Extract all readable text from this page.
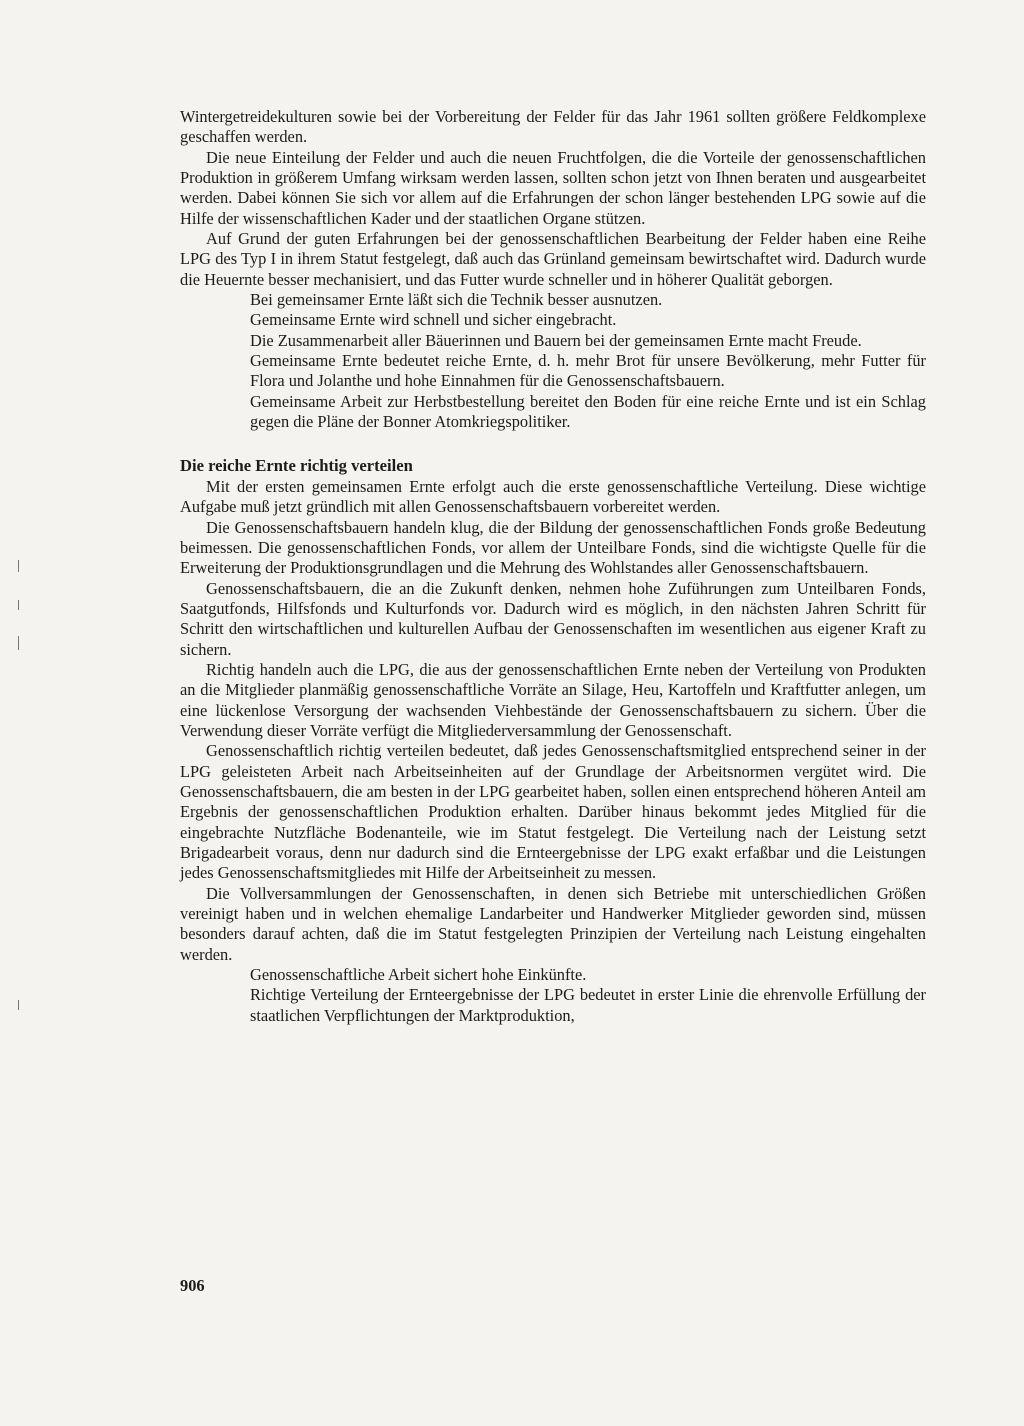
Wintergetreidekulturen sowie bei der Vorbereitung der Felder für das Jahr 1961 sollten größere Feldkomplexe geschaffen werden.

Die neue Einteilung der Felder und auch die neuen Fruchtfolgen, die die Vorteile der genossenschaftlichen Produktion in größerem Umfang wirksam werden lassen, sollten schon jetzt von Ihnen beraten und ausgearbeitet werden. Dabei können Sie sich vor allem auf die Erfahrungen der schon länger bestehenden LPG sowie auf die Hilfe der wissenschaftlichen Kader und der staatlichen Organe stützen.

Auf Grund der guten Erfahrungen bei der genossenschaftlichen Bearbeitung der Felder haben eine Reihe LPG des Typ I in ihrem Statut festgelegt, daß auch das Grünland gemeinsam bewirtschaftet wird. Dadurch wurde die Heuernte besser mechanisiert, und das Futter wurde schneller und in höherer Qualität geborgen.

Bei gemeinsamer Ernte läßt sich die Technik besser ausnutzen.

Gemeinsame Ernte wird schnell und sicher eingebracht.

Die Zusammenarbeit aller Bäuerinnen und Bauern bei der gemeinsamen Ernte macht Freude.

Gemeinsame Ernte bedeutet reiche Ernte, d. h. mehr Brot für unsere Bevölkerung, mehr Futter für Flora und Jolanthe und hohe Einnahmen für die Genossenschaftsbauern.

Gemeinsame Arbeit zur Herbstbestellung bereitet den Boden für eine reiche Ernte und ist ein Schlag gegen die Pläne der Bonner Atomkriegspolitiker.

Die reiche Ernte richtig verteilen

Mit der ersten gemeinsamen Ernte erfolgt auch die erste genossenschaftliche Verteilung. Diese wichtige Aufgabe muß jetzt gründlich mit allen Genossenschaftsbauern vorbereitet werden.

Die Genossenschaftsbauern handeln klug, die der Bildung der genossenschaftlichen Fonds große Bedeutung beimessen. Die genossenschaftlichen Fonds, vor allem der Unteilbare Fonds, sind die wichtigste Quelle für die Erweiterung der Produktionsgrundlagen und die Mehrung des Wohlstandes aller Genossenschaftsbauern.

Genossenschaftsbauern, die an die Zukunft denken, nehmen hohe Zuführungen zum Unteilbaren Fonds, Saatgutfonds, Hilfsfonds und Kulturfonds vor. Dadurch wird es möglich, in den nächsten Jahren Schritt für Schritt den wirtschaftlichen und kulturellen Aufbau der Genossenschaften im wesentlichen aus eigener Kraft zu sichern.

Richtig handeln auch die LPG, die aus der genossenschaftlichen Ernte neben der Verteilung von Produkten an die Mitglieder planmäßig genossenschaftliche Vorräte an Silage, Heu, Kartoffeln und Kraftfutter anlegen, um eine lückenlose Versorgung der wachsenden Viehbestände der Genossenschaftsbauern zu sichern. Über die Verwendung dieser Vorräte verfügt die Mitgliederversammlung der Genossenschaft.

Genossenschaftlich richtig verteilen bedeutet, daß jedes Genossenschaftsmitglied entsprechend seiner in der LPG geleisteten Arbeit nach Arbeitseinheiten auf der Grundlage der Arbeitsnormen vergütet wird. Die Genossenschaftsbauern, die am besten in der LPG gearbeitet haben, sollen einen entsprechend höheren Anteil am Ergebnis der genossenschaftlichen Produktion erhalten. Darüber hinaus bekommt jedes Mitglied für die eingebrachte Nutzfläche Bodenanteile, wie im Statut festgelegt. Die Verteilung nach der Leistung setzt Brigadearbeit voraus, denn nur dadurch sind die Ernteergebnisse der LPG exakt erfaßbar und die Leistungen jedes Genossenschaftsmitgliedes mit Hilfe der Arbeitseinheit zu messen.

Die Vollversammlungen der Genossenschaften, in denen sich Betriebe mit unterschiedlichen Größen vereinigt haben und in welchen ehemalige Landarbeiter und Handwerker Mitglieder geworden sind, müssen besonders darauf achten, daß die im Statut festgelegten Prinzipien der Verteilung nach Leistung eingehalten werden.

Genossenschaftliche Arbeit sichert hohe Einkünfte.

Richtige Verteilung der Ernteergebnisse der LPG bedeutet in erster Linie die ehrenvolle Erfüllung der staatlichen Verpflichtungen der Marktproduktion,

906
